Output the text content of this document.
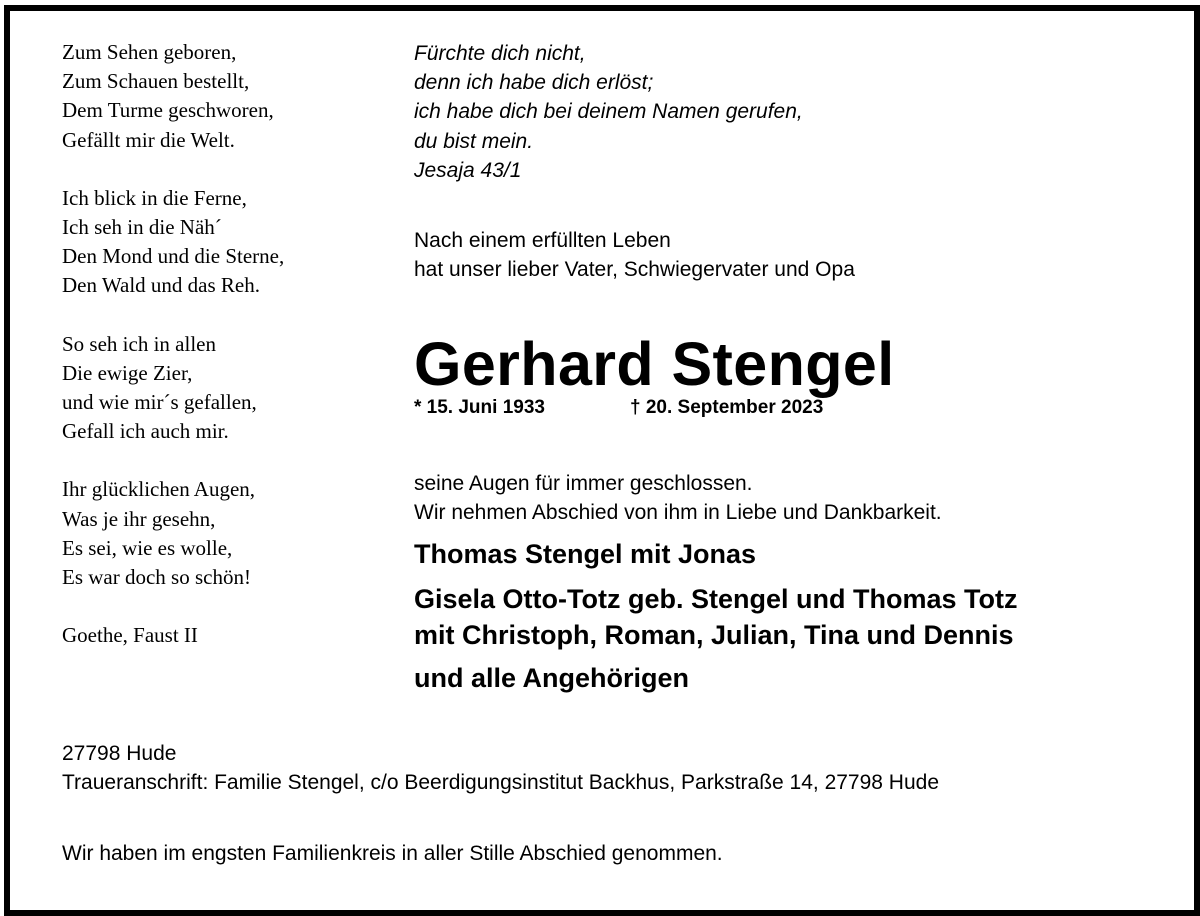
Zum Sehen geboren,
Zum Schauen bestellt,
Dem Turme geschworen,
Gefällt mir die Welt.
Ich blick in die Ferne,
Ich seh in die Näh´
Den Mond und die Sterne,
Den Wald und das Reh.
So seh ich in allen
Die ewige Zier,
und wie mir´s gefallen,
Gefall ich auch mir.
Ihr glücklichen Augen,
Was je ihr gesehn,
Es sei, wie es wolle,
Es war doch so schön!
Goethe, Faust II
Fürchte dich nicht,
denn ich habe dich erlöst;
ich habe dich bei deinem Namen gerufen,
du bist mein.
Jesaja 43/1
Nach einem erfüllten Leben
hat unser lieber Vater, Schwiegervater und Opa
Gerhard Stengel
* 15. Juni 1933	† 20. September 2023
seine Augen für immer geschlossen.
Wir nehmen Abschied von ihm in Liebe und Dankbarkeit.
Thomas Stengel mit Jonas
Gisela Otto-Totz geb. Stengel und Thomas Totz
mit Christoph, Roman, Julian, Tina und Dennis
und alle Angehörigen
27798 Hude
Traueranschrift: Familie Stengel, c/o Beerdigungsinstitut Backhus, Parkstraße 14, 27798 Hude
Wir haben im engsten Familienkreis in aller Stille Abschied genommen.
